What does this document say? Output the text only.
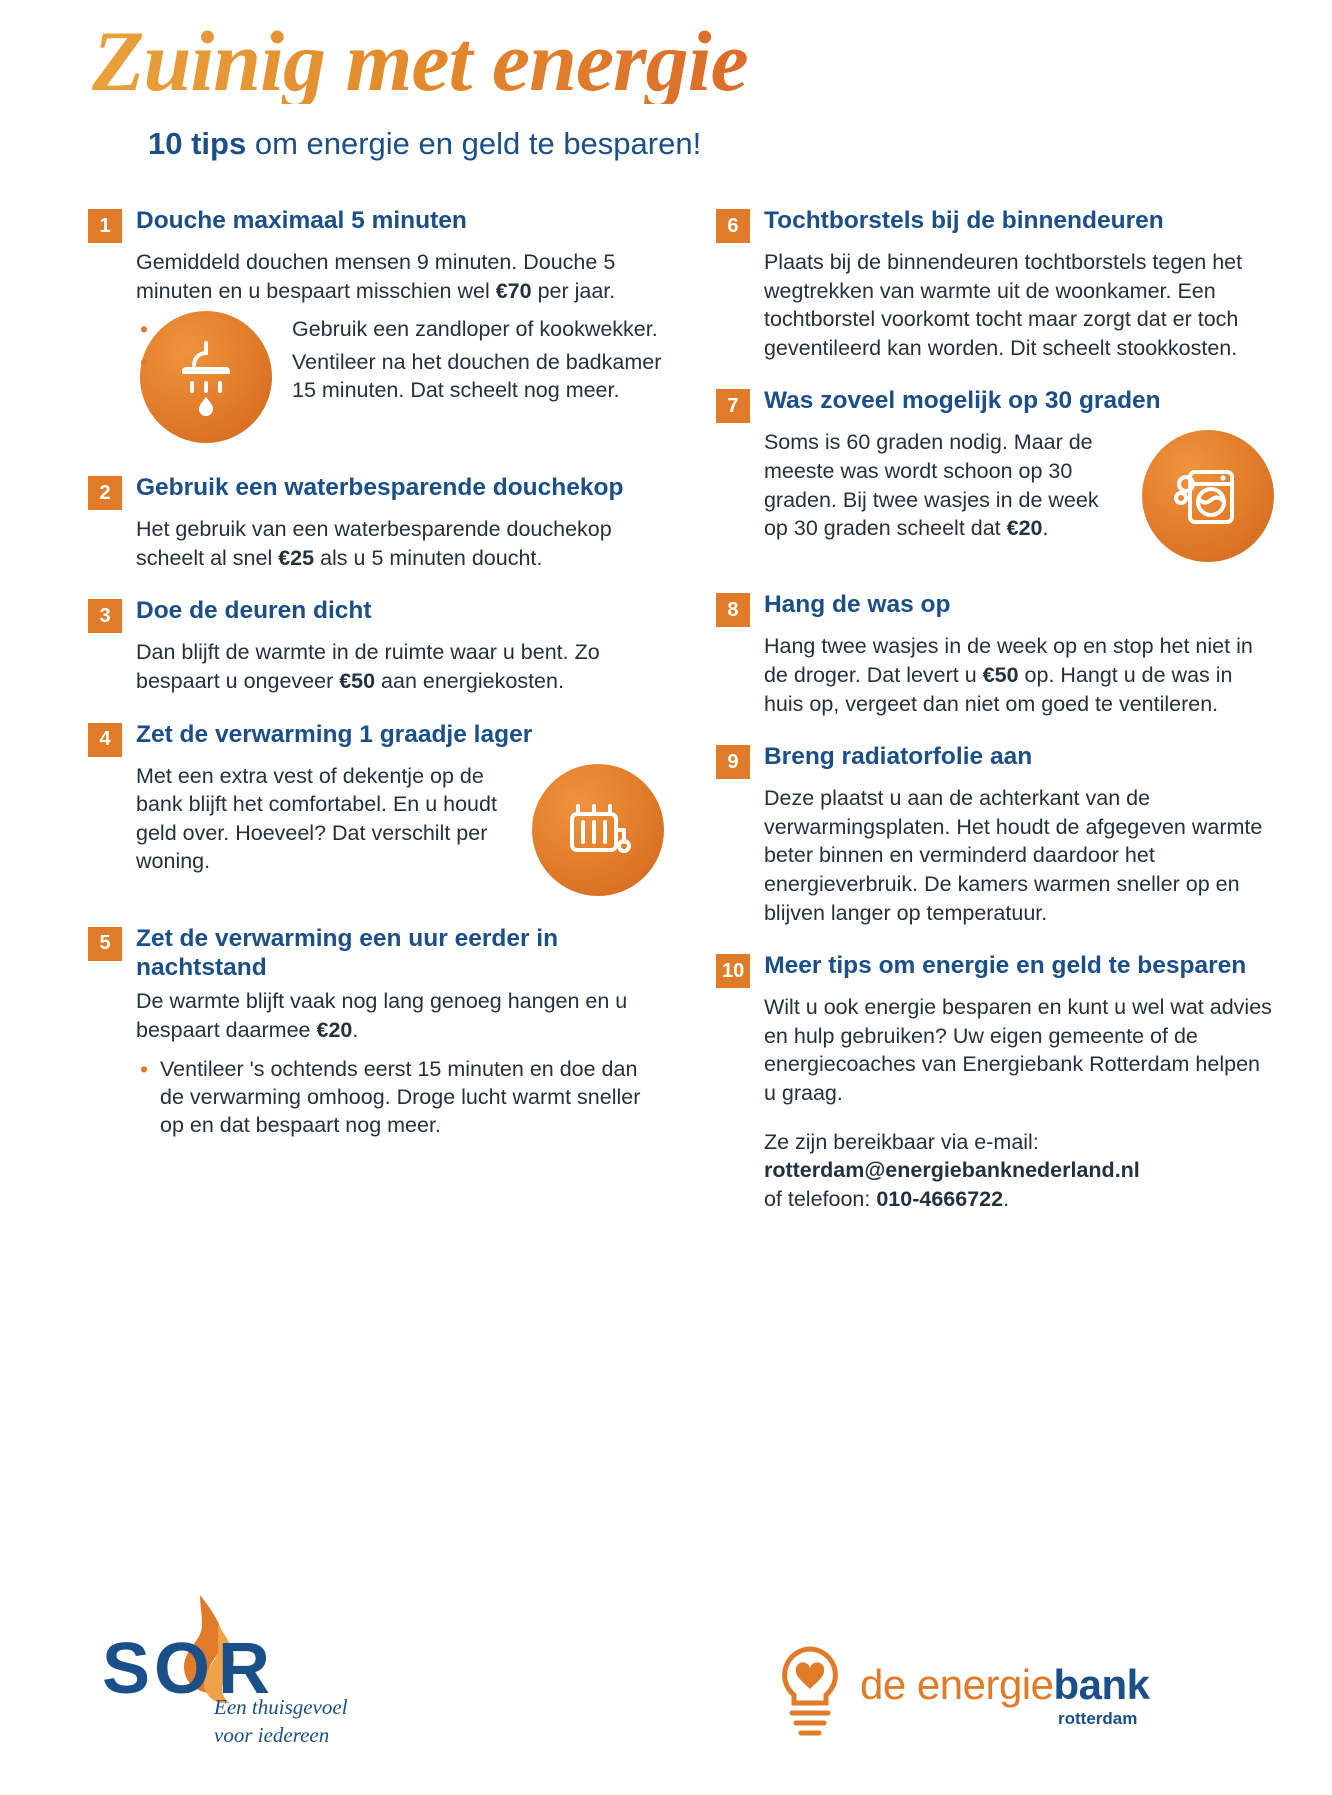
Zuinig met energie
10 tips om energie en geld te besparen!
1	Douche maximaal 5 minuten

Gemiddeld douchen mensen 9 minuten. Douche 5 minuten en u bespaart misschien wel €70 per jaar.

• Gebruik een zandloper of kookwekker.
• Ventileer na het douchen de badkamer 15 minuten. Dat scheelt nog meer.
2	Gebruik een waterbesparende douchekop

Het gebruik van een waterbesparende douchekop scheelt al snel €25 als u 5 minuten doucht.

3	Doe de deuren dicht

Dan blijft de warmte in de ruimte waar u bent. Zo bespaart u ongeveer €50 aan energiekosten.

4	Zet de verwarming 1 graadje lager

Met een extra vest of dekentje op de bank blijft het comfortabel. En u houdt geld over. Hoeveel? Dat verschilt per woning.

5	Zet de verwarming een uur eerder in nachtstand

De warmte blijft vaak nog lang genoeg hangen en u bespaart daarmee €20.

• Ventileer 's ochtends eerst 15 minuten en doe dan de verwarming omhoog. Droge lucht warmt sneller op en dat bespaart nog meer.
6	Tochtborstels bij de binnendeuren

Plaats bij de binnendeuren tochtborstels tegen het wegtrekken van warmte uit de woonkamer. Een tochtborstel voorkomt tocht maar zorgt dat er toch geventileerd kan worden. Dit scheelt stookkosten.

7	Was zoveel mogelijk op 30 graden

Soms is 60 graden nodig. Maar de meeste was wordt schoon op 30 graden. Bij twee wasjes in de week op 30 graden scheelt dat €20.

8	Hang de was op

Hang twee wasjes in de week op en stop het niet in de droger. Dat levert u €50 op. Hangt u de was in huis op, vergeet dan niet om goed te ventileren.

9	Breng radiatorfolie aan

Deze plaatst u aan de achterkant van de verwarmingsplaten. Het houdt de afgegeven warmte beter binnen en verminderd daardoor het energieverbruik. De kamers warmen sneller op en blijven langer op temperatuur.

10 Meer tips om energie en geld te besparen

Wilt u ook energie besparen en kunt u wel wat advies en hulp gebruiken? Uw eigen gemeente of de energiecoaches van Energiebank Rotterdam helpen u graag.

Ze zijn bereikbaar via e-mail: rotterdam@energiebanknederland.nl
of telefoon: 010-4666722.

S
O R
Een thuisgevoel
voor iedereen
de energiebank
rotterdam
